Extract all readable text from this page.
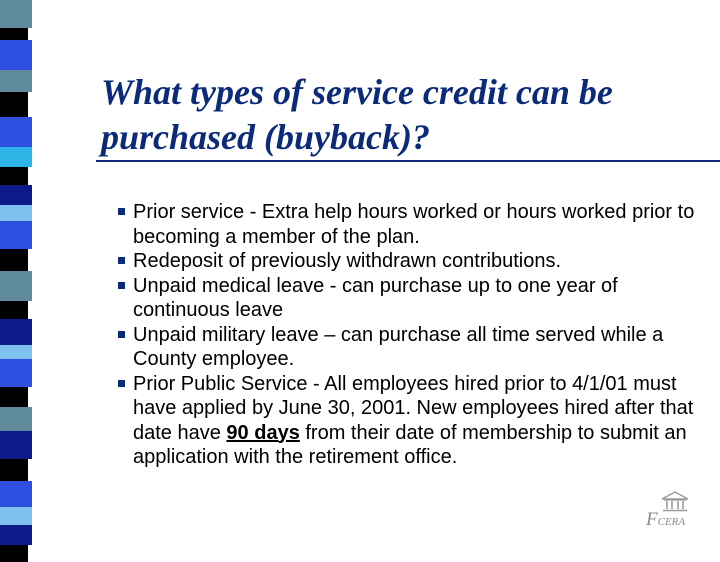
What types of service credit can be purchased (buyback)?
Prior service - Extra help hours worked or hours worked prior to becoming a member of the plan.
Redeposit of previously withdrawn contributions.
Unpaid medical leave - can purchase up to one year of continuous leave
Unpaid military leave – can purchase all time served while a County employee.
Prior Public Service - All employees hired prior to 4/1/01 must have applied by June 30, 2001. New employees hired after that date have 90 days from their date of membership to submit an application with the retirement office.
FCERA
